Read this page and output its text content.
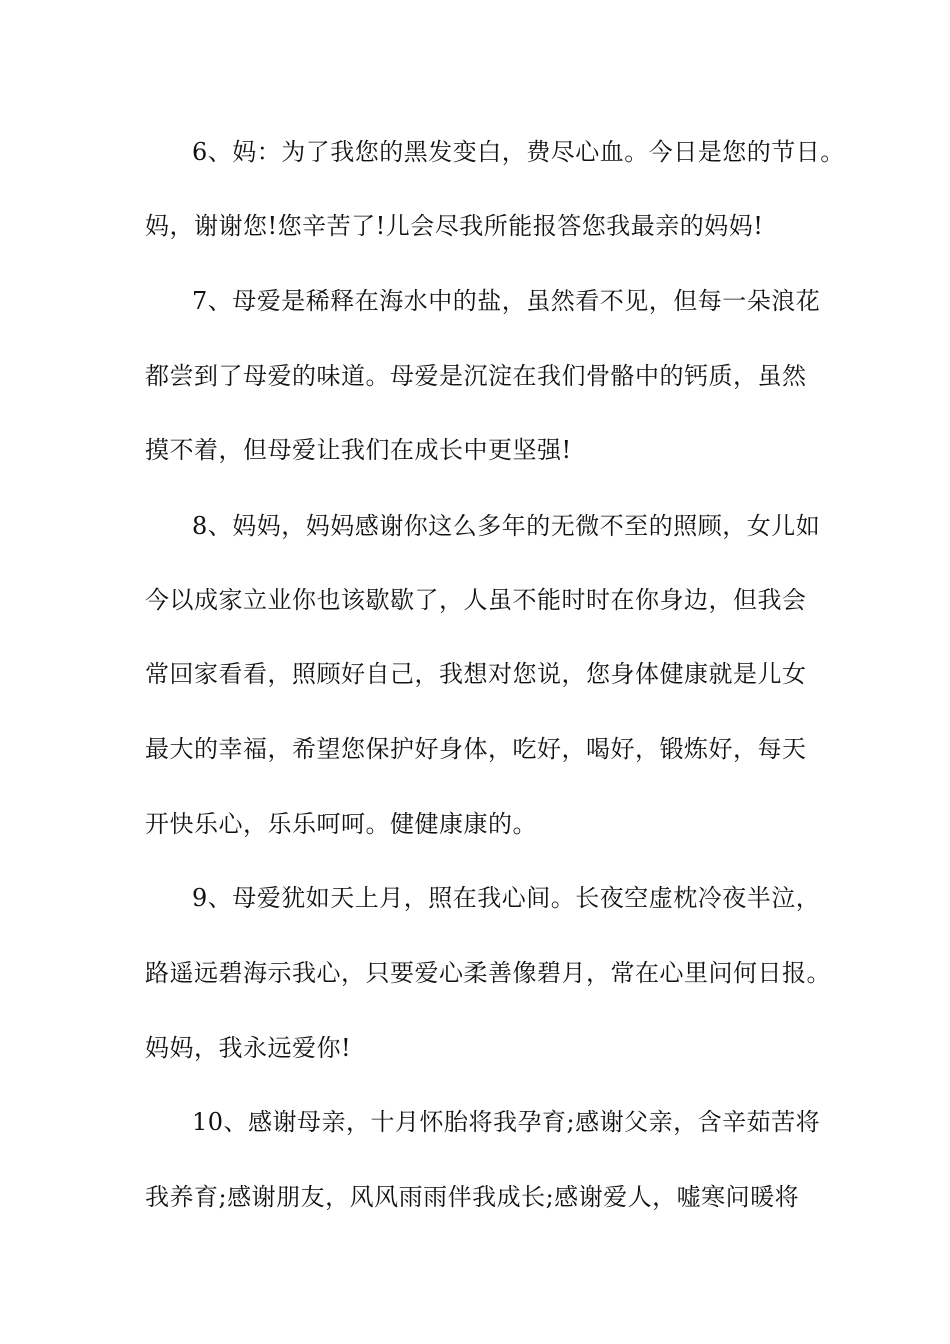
6、妈：为了我您的黑发变白，费尽心血。今日是您的节日。
妈，谢谢您!您辛苦了!儿会尽我所能报答您我最亲的妈妈!
7、母爱是稀释在海水中的盐，虽然看不见，但每一朵浪花
都尝到了母爱的味道。母爱是沉淀在我们骨骼中的钙质，虽然
摸不着，但母爱让我们在成长中更坚强!
8、妈妈，妈妈感谢你这么多年的无微不至的照顾，女儿如
今以成家立业你也该歇歇了，人虽不能时时在你身边，但我会
常回家看看，照顾好自己，我想对您说，您身体健康就是儿女
最大的幸福，希望您保护好身体，吃好，喝好，锻炼好，每天
开快乐心，乐乐呵呵。健健康康的。
9、母爱犹如天上月，照在我心间。长夜空虚枕冷夜半泣，
路遥远碧海示我心，只要爱心柔善像碧月，常在心里问何日报。
妈妈，我永远爱你!
10、感谢母亲，十月怀胎将我孕育;感谢父亲，含辛茹苦将
我养育;感谢朋友，风风雨雨伴我成长;感谢爱人，嘘寒问暖将
